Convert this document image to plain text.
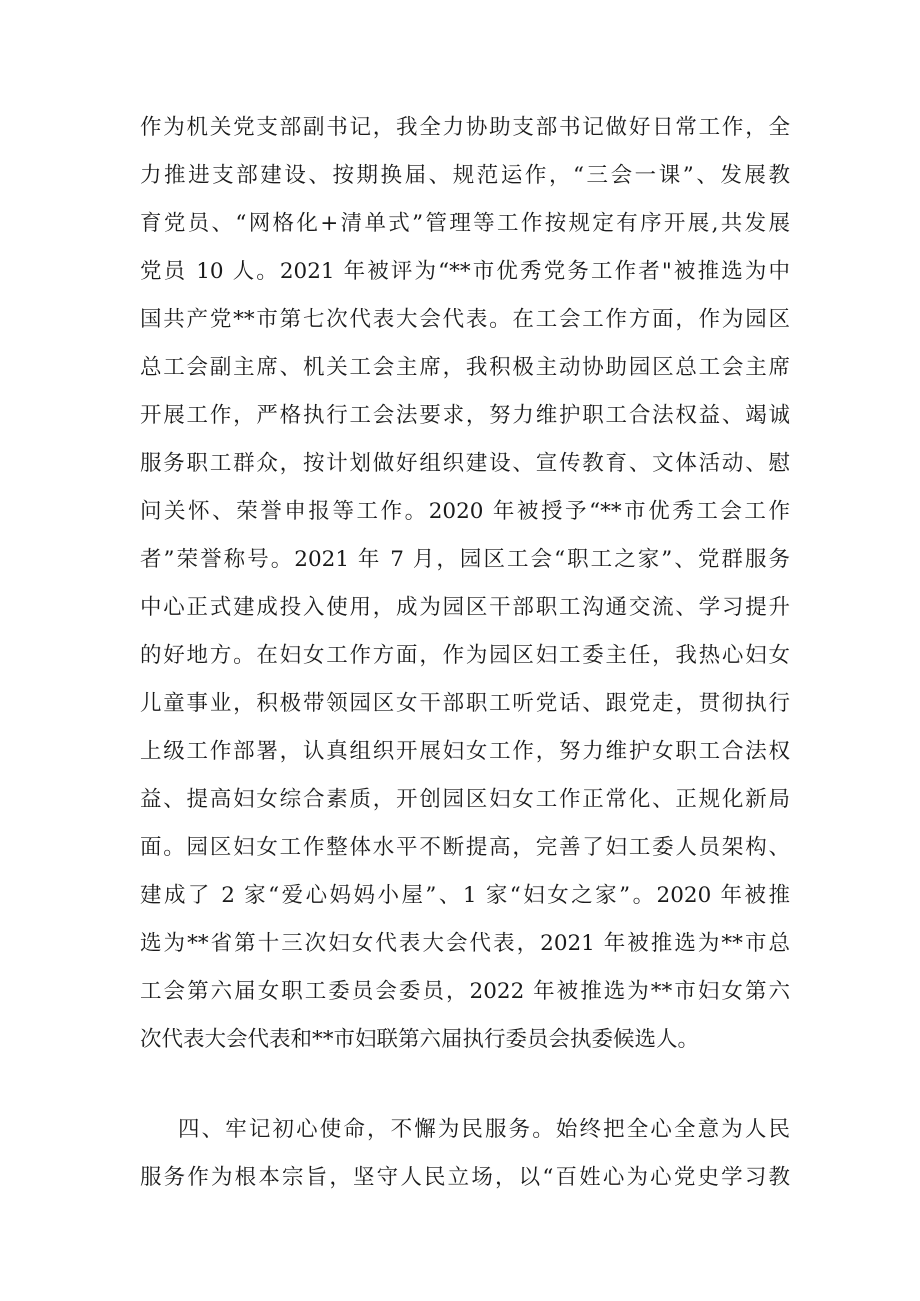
作为机关党支部副书记，我全力协助支部书记做好日常工作，全
力推进支部建设、按期换届、规范运作，“三会一课”、发展教
育党员、“网格化+清单式”管理等工作按规定有序开展,共发展
党员 10 人。2021 年被评为“**市优秀党务工作者"被推选为中
国共产党**市第七次代表大会代表。在工会工作方面，作为园区
总工会副主席、机关工会主席，我积极主动协助园区总工会主席
开展工作，严格执行工会法要求，努力维护职工合法权益、竭诚
服务职工群众，按计划做好组织建设、宣传教育、文体活动、慰
问关怀、荣誉申报等工作。2020 年被授予“**市优秀工会工作
者”荣誉称号。2021 年 7 月，园区工会“职工之家”、党群服务
中心正式建成投入使用，成为园区干部职工沟通交流、学习提升
的好地方。在妇女工作方面，作为园区妇工委主任，我热心妇女
儿童事业，积极带领园区女干部职工听党话、跟党走，贯彻执行
上级工作部署，认真组织开展妇女工作，努力维护女职工合法权
益、提高妇女综合素质，开创园区妇女工作正常化、正规化新局
面。园区妇女工作整体水平不断提高，完善了妇工委人员架构、
建成了 2 家“爱心妈妈小屋”、1 家“妇女之家”。2020 年被推
选为**省第十三次妇女代表大会代表，2021 年被推选为**市总
工会第六届女职工委员会委员，2022 年被推选为**市妇女第六
次代表大会代表和**市妇联第六届执行委员会执委候选人。
四、牢记初心使命，不懈为民服务。始终把全心全意为人民
服务作为根本宗旨，坚守人民立场，以“百姓心为心党史学习教
